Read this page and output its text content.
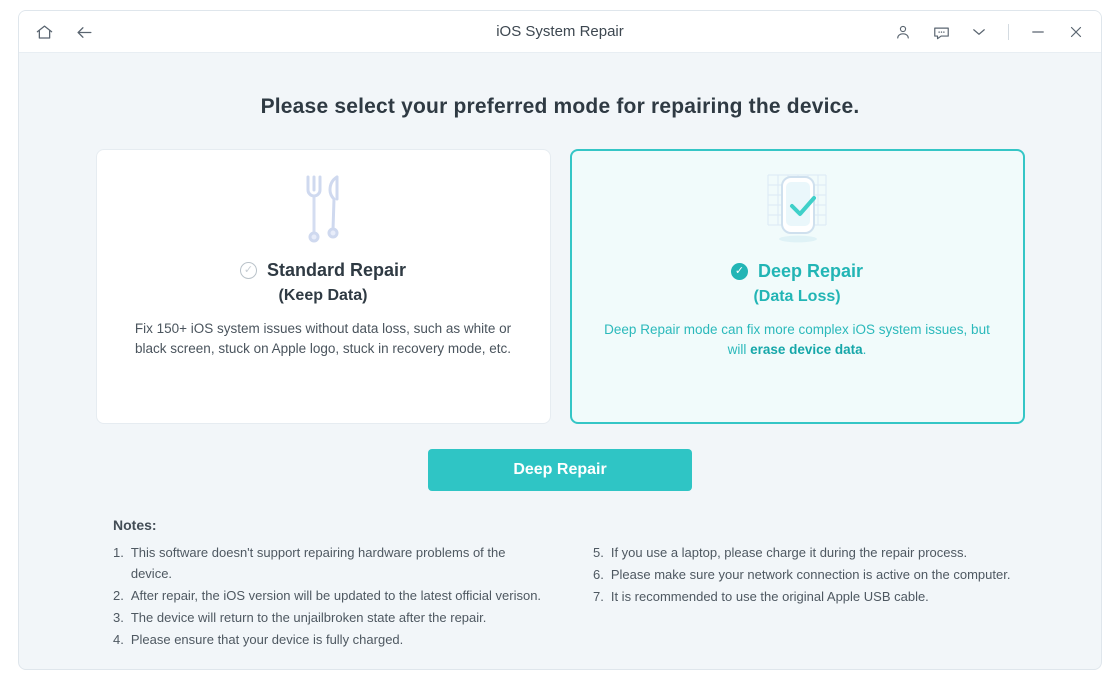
iOS System Repair
Please select your preferred mode for repairing the device.
✓ Standard Repair
(Keep Data)
Fix 150+ iOS system issues without data loss, such as white or black screen, stuck on Apple logo, stuck in recovery mode, etc.
✓ Deep Repair
(Data Loss)
Deep Repair mode can fix more complex iOS system issues, but will erase device data.
Deep Repair
Notes:
1. This software doesn't support repairing hardware problems of the device.
2. After repair, the iOS version will be updated to the latest official verison.
3. The device will return to the unjailbroken state after the repair.
4. Please ensure that your device is fully charged.
5. If you use a laptop, please charge it during the repair process.
6. Please make sure your network connection is active on the computer.
7. It is recommended to use the original Apple USB cable.
